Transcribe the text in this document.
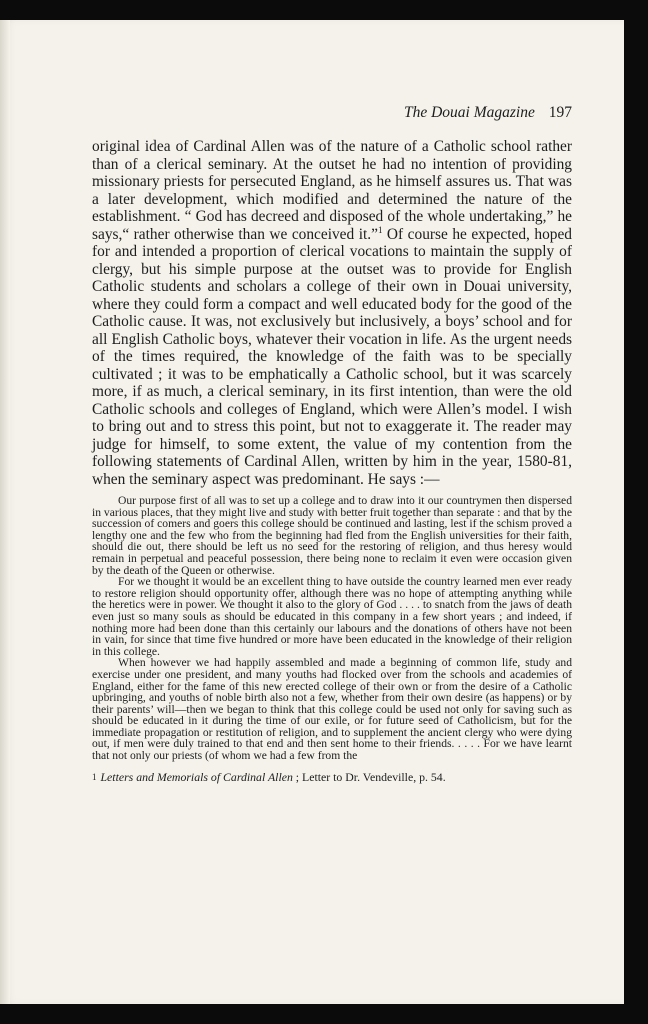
The Douai Magazine 197

original idea of Cardinal Allen was of the nature of a Catholic school rather than of a clerical seminary. At the outset he had no intention of providing missionary priests for persecuted England, as he himself assures us. That was a later development, which modified and determined the nature of the establishment. “ God has decreed and disposed of the whole undertaking,” he says,“ rather otherwise than we conceived it.”$^1$ Of course he expected, hoped for and intended a proportion of clerical vocations to maintain the supply of clergy, but his simple purpose at the outset was to provide for English Catholic students and scholars a college of their own in Douai university, where they could form a compact and well educated body for the good of the Catholic cause. It was, not exclusively but inclusively, a boys’ school and for all English Catholic boys, whatever their vocation in life. As the urgent needs of the times required, the knowledge of the faith was to be specially cultivated ; it was to be emphatically a Catholic school, but it was scarcely more, if as much, a clerical seminary, in its first intention, than were the old Catholic schools and colleges of England, which were Allen’s model. I wish to bring out and to stress this point, but not to exaggerate it. The reader may judge for himself, to some extent, the value of my contention from the following statements of Cardinal Allen, written by him in the year, 1580-81, when the seminary aspect was predominant. He says :—

Our purpose first of all was to set up a college and to draw into it our countrymen then dispersed in various places, that they might live and study with better fruit together than separate : and that by the succession of comers and goers this college should be continued and lasting, lest if the schism proved a lengthy one and the few who from the beginning had fled from the English universities for their faith, should die out, there should be left us no seed for the restoring of religion, and thus heresy would remain in perpetual and peaceful possession, there being none to reclaim it even were occasion given by the death of the Queen or otherwise.

For we thought it would be an excellent thing to have outside the country learned men ever ready to restore religion should opportunity offer, although there was no hope of attempting anything while the heretics were in power. We thought it also to the glory of God . . . . to snatch from the jaws of death even just so many souls as should be educated in this company in a few short years ; and indeed, if nothing more had been done than this certainly our labours and the donations of others have not been in vain, for since that time five hundred or more have been educated in the knowledge of their religion in this college.

When however we had happily assembled and made a beginning of common life, study and exercise under one president, and many youths had flocked over from the schools and academies of England, either for the fame of this new erected college of their own or from the desire of a Catholic upbringing, and youths of noble birth also not a few, whether from their own desire (as happens) or by their parents’ will—then we began to think that this college could be used not only for saving such as should be educated in it during the time of our exile, or for future seed of Catholicism, but for the immediate propagation or restitution of religion, and to supplement the ancient clergy who were dying out, if men were duly trained to that end and then sent home to their friends. . . . . For we have learnt that not only our priests (of whom we had a few from the

$^1$ Letters and Memorials of Cardinal Allen ; Letter to Dr. Vendeville, p. 54.
